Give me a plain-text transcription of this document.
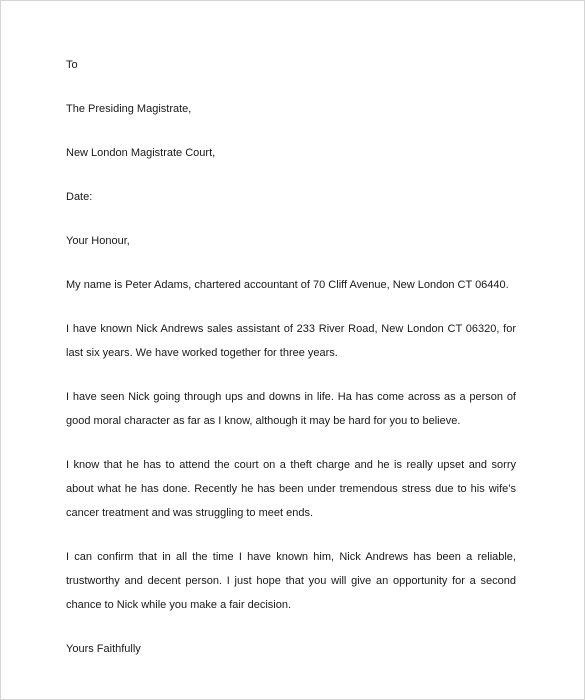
To

The Presiding Magistrate,

New London Magistrate Court,

Date:

Your Honour,

My name is Peter Adams, chartered accountant of 70 Cliff Avenue, New London CT 06440.

I have known Nick Andrews sales assistant of 233 River Road, New London CT 06320, for last six years. We have worked together for three years.

I have seen Nick going through ups and downs in life. Ha has come across as a person of good moral character as far as I know, although it may be hard for you to believe.

I know that he has to attend the court on a theft charge and he is really upset and sorry about what he has done. Recently he has been under tremendous stress due to his wife’s cancer treatment and was struggling to meet ends.

I can confirm that in all the time I have known him, Nick Andrews has been a reliable, trustworthy and decent person. I just hope that you will give an opportunity for a second chance to Nick while you make a fair decision.

Yours Faithfully
